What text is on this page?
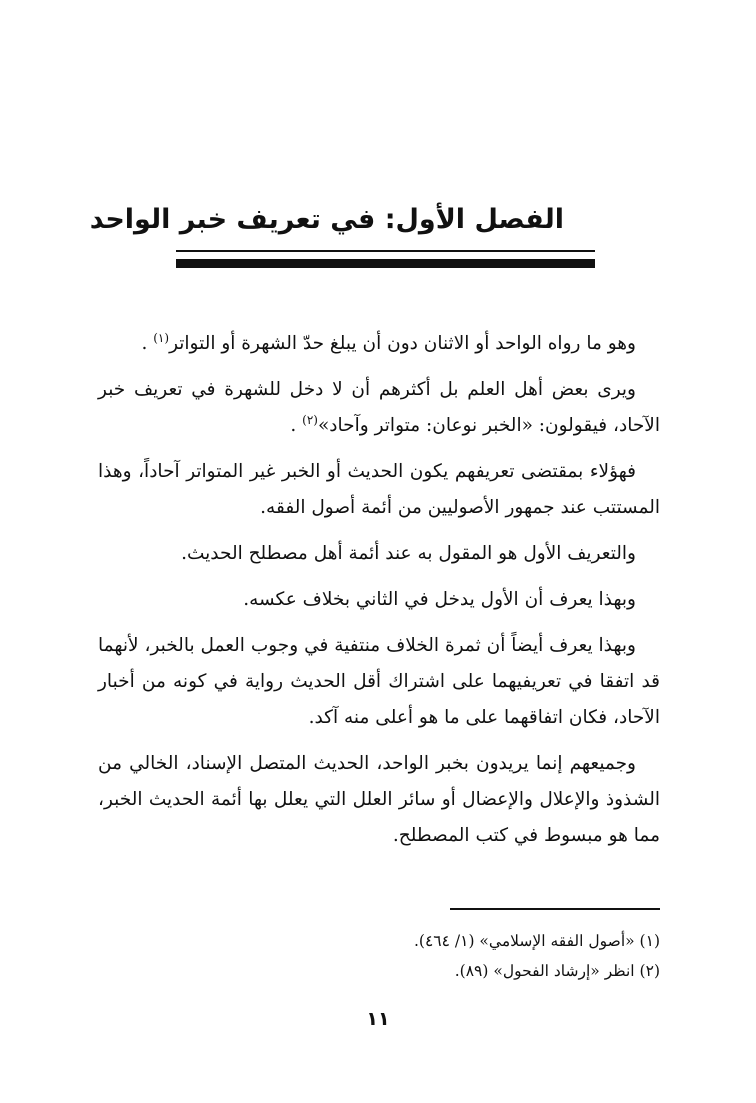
الفصل الأول: في تعريف خبر الواحد

وهو ما رواه الواحد أو الاثنان دون أن يبلغ حدّ الشهرة أو التواتر$^{(١)}$ .

ويرى بعض أهل العلم بل أكثرهم أن لا دخل للشهرة في تعريف خبر الآحاد، فيقولون: «الخبر نوعان: متواتر وآحاد»$^{(٢)}$ .

فهؤلاء بمقتضى تعريفهم يكون الحديث أو الخبر غير المتواتر آحاداً، وهذا المستتب عند جمهور الأصوليين من أئمة أصول الفقه.

والتعريف الأول هو المقول به عند أئمة أهل مصطلح الحديث.

وبهذا يعرف أن الأول يدخل في الثاني بخلاف عكسه.

وبهذا يعرف أيضاً أن ثمرة الخلاف منتفية في وجوب العمل بالخبر، لأنهما قد اتفقا في تعريفيهما على اشتراك أقل الحديث رواية في كونه من أخبار الآحاد، فكان اتفاقهما على ما هو أعلى منه آكد.

وجميعهم إنما يريدون بخبر الواحد، الحديث المتصل الإسناد، الخالي من الشذوذ والإعلال والإعضال أو سائر العلل التي يعلل بها أئمة الحديث الخبر، مما هو مبسوط في كتب المصطلح.

(١) «أصول الفقه الإسلامي» (١/ ٤٦٤).
(٢) انظر «إرشاد الفحول» (٨٩).
١١
